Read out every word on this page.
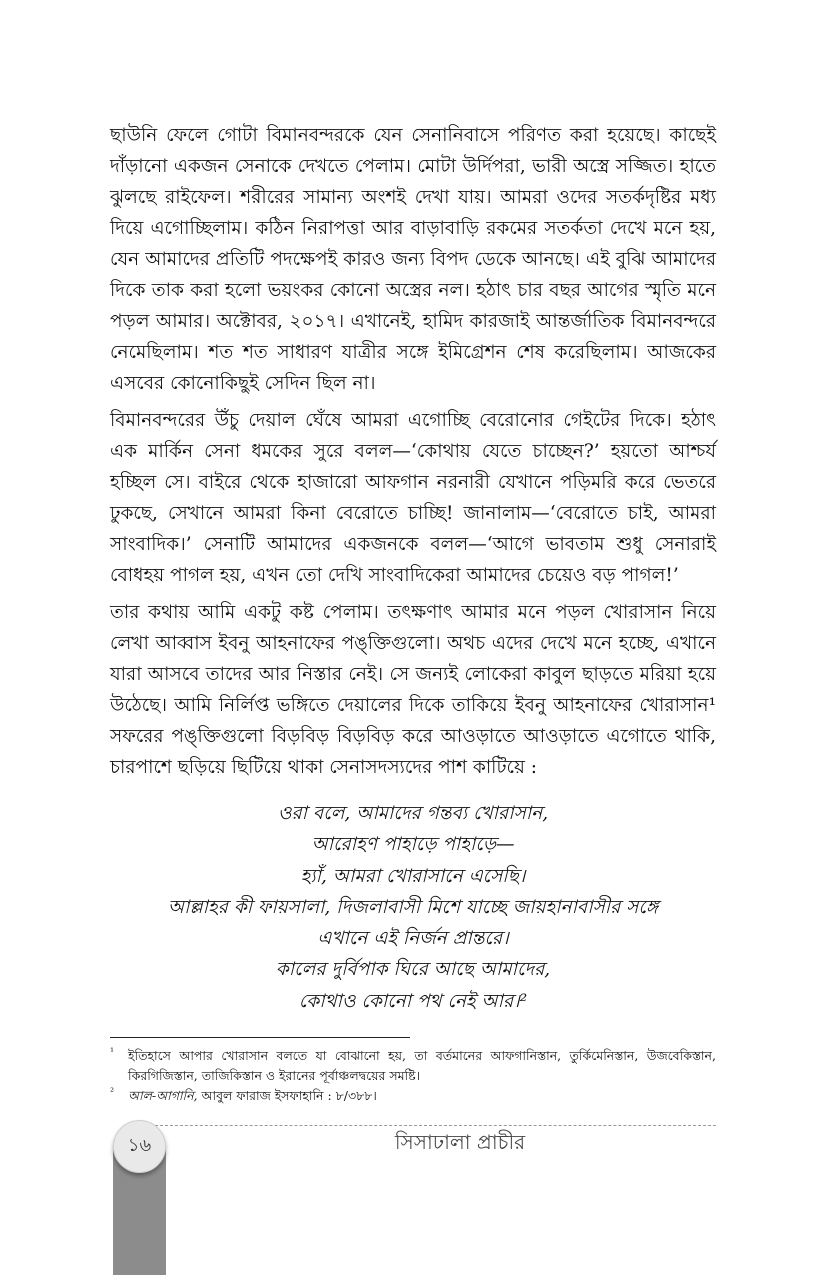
ছাউনি ফেলে গোটা বিমানবন্দরকে যেন সেনানিবাসে পরিণত করা হয়েছে। কাছেই দাঁড়ানো একজন সেনাকে দেখতে পেলাম। মোটা উর্দিপরা, ভারী অস্ত্রে সজ্জিত। হাতে ঝুলছে রাইফেল। শরীরের সামান্য অংশই দেখা যায়। আমরা ওদের সতর্কদৃষ্টির মধ্য দিয়ে এগোচ্ছিলাম। কঠিন নিরাপত্তা আর বাড়াবাড়ি রকমের সতর্কতা দেখে মনে হয়, যেন আমাদের প্রতিটি পদক্ষেপই কারও জন্য বিপদ ডেকে আনছে। এই বুঝি আমাদের দিকে তাক করা হলো ভয়ংকর কোনো অস্ত্রের নল। হঠাৎ চার বছর আগের স্মৃতি মনে পড়ল আমার। অক্টোবর, ২০১৭। এখানেই, হামিদ কারজাই আন্তর্জাতিক বিমানবন্দরে নেমেছিলাম। শত শত সাধারণ যাত্রীর সঙ্গে ইমিগ্রেশন শেষ করেছিলাম। আজকের এসবের কোনোকিছুই সেদিন ছিল না।

বিমানবন্দরের উঁচু দেয়াল ঘেঁষে আমরা এগোচ্ছি বেরোনোর গেইটের দিকে। হঠাৎ এক মার্কিন সেনা ধমকের সুরে বলল—‘কোথায় যেতে চাচ্ছেন?’ হয়তো আশ্চর্য হচ্ছিল সে। বাইরে থেকে হাজারো আফগান নরনারী যেখানে পড়িমরি করে ভেতরে ঢুকছে, সেখানে আমরা কিনা বেরোতে চাচ্ছি! জানালাম—‘বেরোতে চাই, আমরা সাংবাদিক।’ সেনাটি আমাদের একজনকে বলল—‘আগে ভাবতাম শুধু সেনারাই বোধহয় পাগল হয়, এখন তো দেখি সাংবাদিকেরা আমাদের চেয়েও বড় পাগল!’

তার কথায় আমি একটু কষ্ট পেলাম। তৎক্ষণাৎ আমার মনে পড়ল খোরাসান নিয়ে লেখা আব্বাস ইবনু আহনাফের পঙ্‌ক্তিগুলো। অথচ এদের দেখে মনে হচ্ছে, এখানে যারা আসবে তাদের আর নিস্তার নেই। সে জন্যই লোকেরা কাবুল ছাড়তে মরিয়া হয়ে উঠেছে। আমি নির্লিপ্ত ভঙ্গিতে দেয়ালের দিকে তাকিয়ে ইবনু আহনাফের খোরাসান¹ সফরের পঙ্‌ক্তিগুলো বিড়বিড় বিড়বিড় করে আওড়াতে আওড়াতে এগোতে থাকি, চারপাশে ছড়িয়ে ছিটিয়ে থাকা সেনাসদস্যদের পাশ কাটিয়ে :

ওরা বলে, আমাদের গন্তব্য খোরাসান,
আরোহণ পাহাড়ে পাহাড়ে—
হ্যাঁ, আমরা খোরাসানে এসেছি।
আল্লাহর কী ফায়সালা, দিজলাবাসী মিশে যাচ্ছে জায়হানাবাসীর সঙ্গে
এখানে এই নির্জন প্রান্তরে।
কালের দুর্বিপাক ঘিরে আছে আমাদের,
কোথাও কোনো পথ নেই আর।²
¹ ইতিহাসে আপার খোরাসান বলতে যা বোঝানো হয়, তা বর্তমানের আফগানিস্তান, তুর্কিমেনিস্তান, উজবেকিস্তান, কিরগিজিস্তান, তাজিকিস্তান ও ইরানের পূর্বাঞ্চলদ্বয়ের সমষ্টি।
² আল-আগানি, আবুল ফারাজ ইসফাহানি : ৮/৩৮৮।
সিসাঢালা প্রাচীর
১৬
